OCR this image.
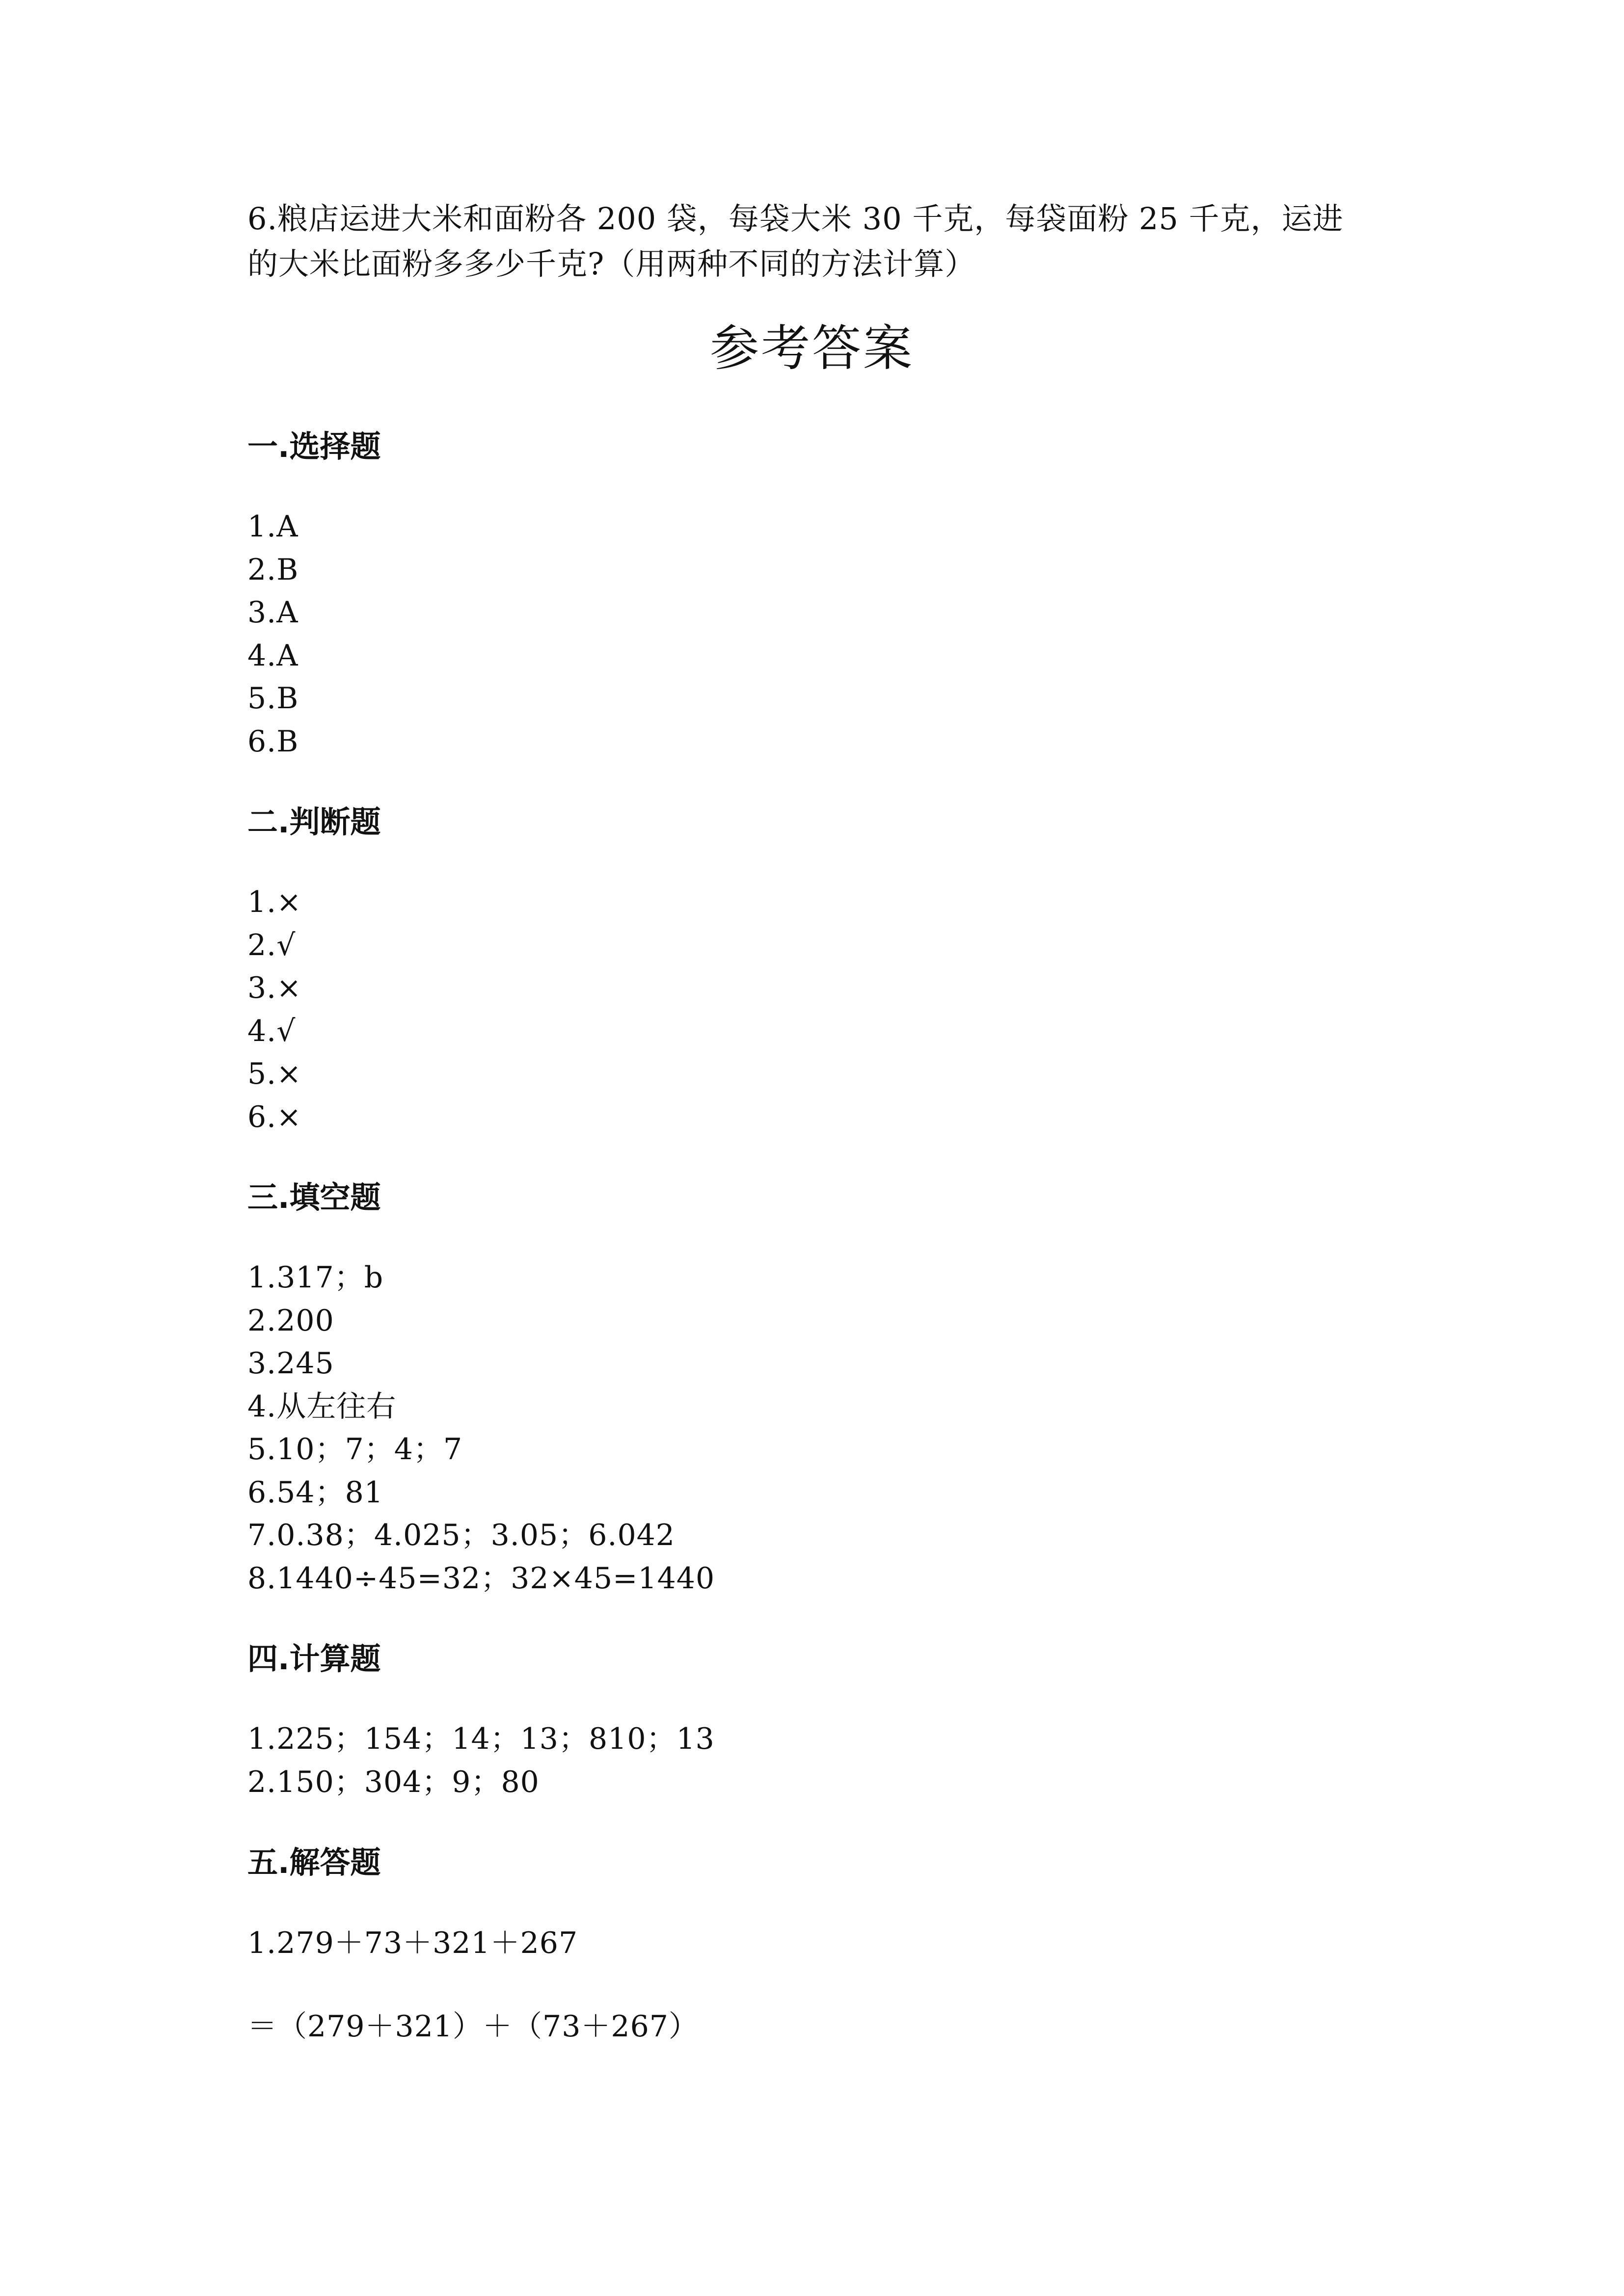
6.粮店运进大米和面粉各 200 袋，每袋大米 30 千克，每袋面粉 25 千克，运进

的大米比面粉多多少千克?（用两种不同的方法计算）

参考答案
一.选择题
1.A
2.B
3.A
4.A
5.B
6.B
二.判断题
1.×
2.√
3.×
4.√
5.×
6.×
三.填空题
1.317；b
2.200
3.245
4.从左往右
5.10；7；4；7
6.54；81
7.0.38；4.025；3.05；6.042
8.1440÷45=32；32×45=1440
四.计算题
1.225；154；14；13；810；13
2.150；304；9；80
五.解答题

1.279＋73＋321＋267

＝（279＋321）＋（73＋267）
